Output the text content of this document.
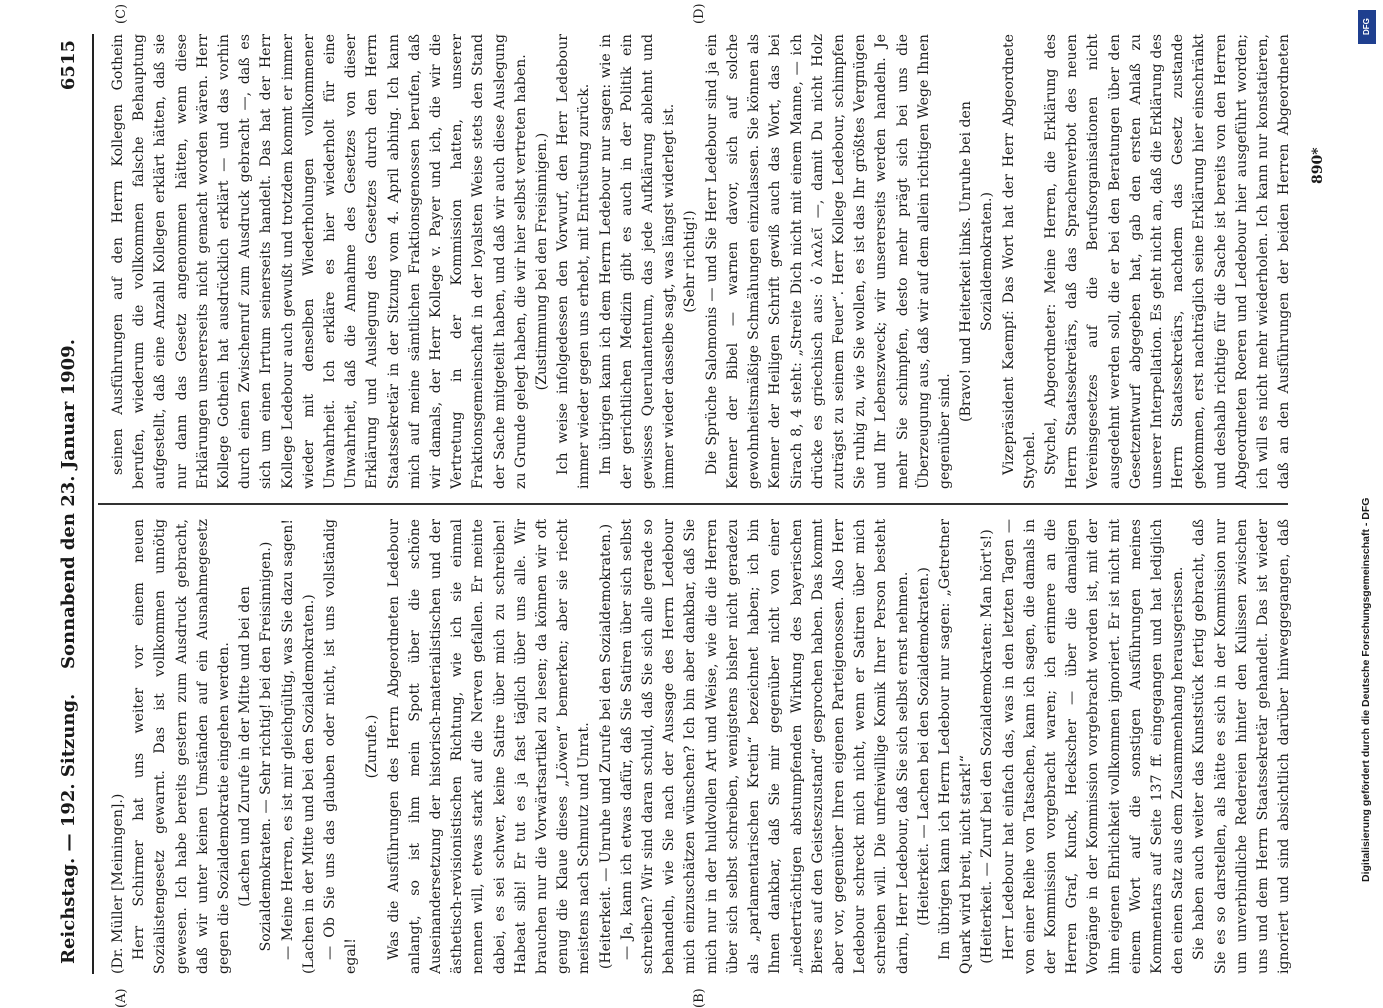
Reichstag. — 192. Sitzung.
Sonnabend den 23. Januar 1909.
6515

(Dr. Müller [Meiningen].) Herr Schirmer hat uns weiter vor einem neuen Sozialistengesetz gewarnt. Das ist vollkommen unnötig gewesen. Ich habe bereits gestern zum Ausdruck gebracht, daß wir unter keinen Umständen auf ein Ausnahmegesetz gegen die Sozialdemokratie eingehen werden. (Lachen und Zurufe in der Mitte und bei den Sozialdemokraten. — Sehr richtig! bei den Freisinnigen.) — Meine Herren, es ist mir gleichgültig, was Sie dazu sagen! (Lachen in der Mitte und bei den Sozialdemokraten.) — Ob Sie uns das glauben oder nicht, ist uns vollständig egal!

(Zurufe.) Was die Ausführungen des Herrn Abgeordneten Ledebour anlangt, so ist ihm mein Spott über die schöne Auseinandersetzung der historisch-materialistischen und der ästhetisch-revisionistischen Richtung, wie ich sie einmal nennen will, etwas stark auf die Nerven gefallen. Er meinte dabei, es sei schwer, keine Satire über mich zu schreiben! Habeat sibi! Er tut es ja fast täglich über uns alle. Wir brauchen nur die Vorwärtsartikel zu lesen; da können wir oft genug die Klaue dieses „Löwen“ bemerken; aber sie riecht meistens nach Schmutz und Unrat. (Heiterkeit. — Unruhe und Zurufe bei den Sozialdemokraten.) — Ja, kann ich etwas dafür, daß Sie Satiren über sich selbst schreiben? Wir sind daran schuld, daß Sie sich alle gerade so behandeln, wie Sie nach der Aussage des Herrn Ledebour mich einzuschätzen wünschen? Ich bin aber dankbar, daß Sie mich nur in der huldvollen Art und Weise, wie die die Herren über sich selbst schreiben, wenigstens bisher nicht geradezu als „parlamentarischen Kretin“ bezeichnet haben; ich bin Ihnen dankbar, daß Sie mir gegenüber nicht von einer „niederträchtigen abstumpfenden Wirkung des bayerischen Bieres auf den Geisteszustand“ gesprochen haben. Das kommt aber vor, gegenüber Ihren eigenen Parteigenossen. Also Herr Ledebour schreckt mich nicht, wenn er Satiren über mich schreiben will. Die unfreiwillige Komik Ihrer Person besteht darin, Herr Ledebour, daß Sie sich selbst ernst nehmen. (Heiterkeit. — Lachen bei den Sozialdemokraten.) Im übrigen kann ich Herrn Ledebour nur sagen: „Getretner Quark wird breit, nicht stark!“ (Heiterkeit. — Zuruf bei den Sozialdemokraten: Man hört's!) Herr Ledebour hat einfach das, was in den letzten Tagen — von einer Reihe von Tatsachen, kann ich sagen, die damals in der Kommission vorgebracht waren; ich erinnere an die Herren Graf, Kunck, Heckscher — über die damaligen Vorgänge in der Kommission vorgebracht worden ist, mit der ihm eigenen Ehrlichkeit vollkommen ignoriert. Er ist nicht mit einem Wort auf die sonstigen Ausführungen meines Kommentars auf Seite 137 ff. eingegangen und hat lediglich den einen Satz aus dem Zusammenhang herausgerissen. Sie haben auch weiter das Kunststück fertig gebracht, daß Sie es so darstellen, als hätte es sich in der Kommission nur um unverbindliche Redereien hinter den Kulissen zwischen uns und dem Herrn Staatssekretär gehandelt. Das ist wieder ignoriert und sind absichtlich darüber hinweggegangen, daß

seinen Ausführungen auf den Herrn Kollegen Gothein berufen, wiederum die vollkommen falsche Behauptung aufgestellt, daß eine Anzahl Kollegen erklärt hätten, daß sie nur dann das Gesetz angenommen hätten, wenn diese Erklärungen unsererseits nicht gemacht worden wären. Herr Kollege Gothein hat ausdrücklich erklärt — und das vorhin durch einen Zwischenruf zum Ausdruck gebracht —, daß es sich um einen Irrtum seinerseits handelt. Das hat der Herr Kollege Ledebour auch gewußt und trotzdem kommt er immer wieder mit denselben Wiederholungen vollkommener Unwahrheit. Ich erkläre es hier wiederholt für eine Unwahrheit, daß die Annahme des Gesetzes von dieser Erklärung und Auslegung des Gesetzes durch den Herrn Staatssekretär in der Sitzung vom 4. April abhing. Ich kann mich auf meine sämtlichen Fraktionsgenossen berufen, daß wir damals, der Herr Kollege v. Payer und ich, die wir die Vertretung in der Kommission hatten, unserer Fraktionsgemeinschaft in der loyalsten Weise stets den Stand der Sache mitgeteilt haben, und daß wir auch diese Auslegung zu Grunde gelegt haben, die wir hier selbst vertreten haben. (Zustimmung bei den Freisinnigen.) Ich weise infolgedessen den Vorwurf, den Herr Ledebour immer wieder gegen uns erhebt, mit Entrüstung zurück. Im übrigen kann ich dem Herrn Ledebour nur sagen: wie in der gerichtlichen Medizin gibt es auch in der Politik ein gewisses Querulantentum, das jede Aufklärung ablehnt und immer wieder dasselbe sagt, was längst widerlegt ist. (Sehr richtig!) Die Sprüche Salomonis — und Sie Herr Ledebour sind ja ein Kenner der Bibel — warnen davor, sich auf solche gewohnheitsmäßige Schmähungen einzulassen. Sie können als Kenner der Heiligen Schrift gewiß auch das Wort, das bei Sirach 8, 4 steht: „Streite Dich nicht mit einem Manne, — ich drücke es griechisch aus: ὁ λαλεῖ —, damit Du nicht Holz zuträgst zu seinem Feuer“. Herr Kollege Ledebour, schimpfen Sie ruhig zu, wie Sie wollen, es ist das Ihr größtes Vergnügen und Ihr Lebenszweck; wir unsererseits werden handeln. Je mehr Sie schimpfen, desto mehr prägt sich bei uns die Überzeugung aus, daß wir auf dem allein richtigen Wege Ihnen gegenüber sind.

(Bravo! und Heiterkeit links. Unruhe bei den Sozialdemokraten.) Vizepräsident Kaempf: Das Wort hat der Herr Abgeordnete Stychel. Stychel, Abgeordneter: Meine Herren, die Erklärung des Herrn Staatssekretärs, daß das Sprachenverbot des neuen Vereinsgesetzes auf die Berufsorganisationen nicht ausgedehnt werden soll, die er bei den Beratungen über den Gesetzentwurf abgegeben hat, gab den ersten Anlaß zu unserer Interpellation. Es geht nicht an, daß die Erklärung des Herrn Staatssekretärs, nachdem das Gesetz zustande gekommen, erst nachträglich seine Erklärung hier einschränkt und deshalb richtige für die Sache ist bereits von den Herren Abgeordneten Roeren und Ledebour hier ausgeführt worden; ich will es nicht mehr wiederholen. Ich kann nur konstatieren, daß an den Ausführungen der beiden Herren Abgeordneten

(A)	(B)
(C)	(D)
890*
DFG
Digitalisierung gefördert durch die Deutsche Forschungsgemeinschaft - DFG
